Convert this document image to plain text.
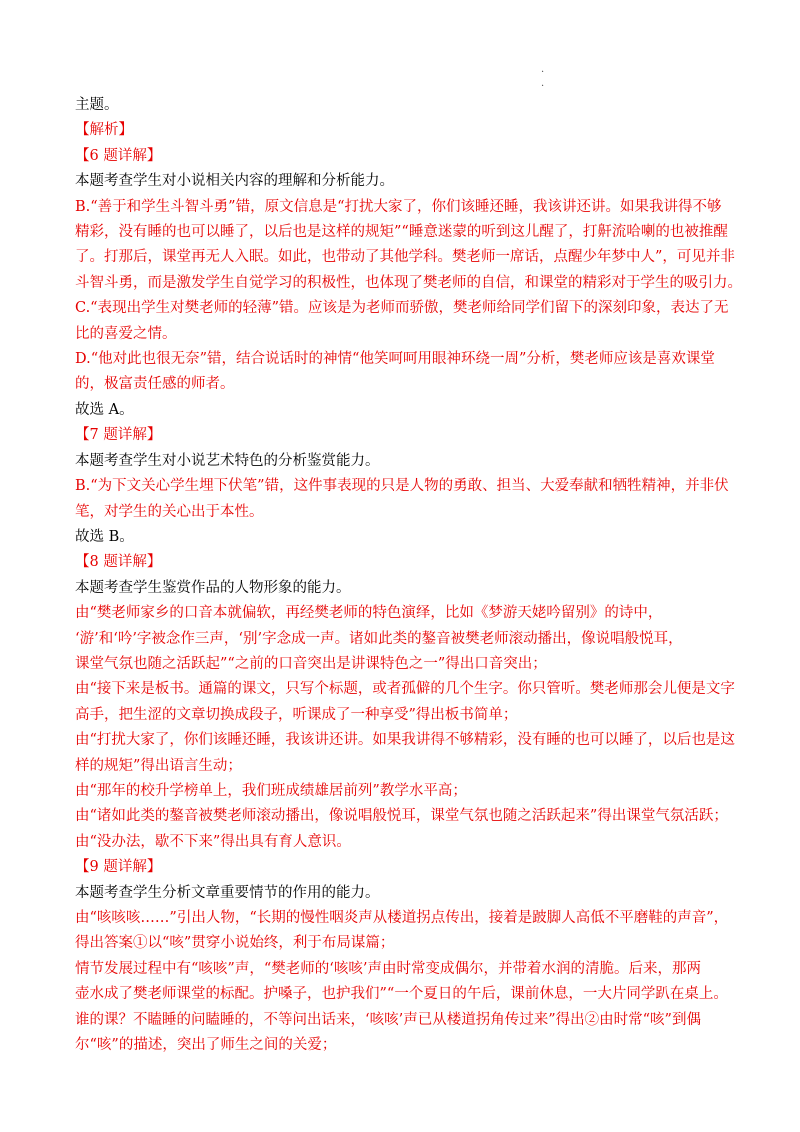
·
·
主题。
【解析】
【6 题详解】
本题考查学生对小说相关内容的理解和分析能力。
B.“善于和学生斗智斗勇”错，原文信息是“打扰大家了，你们该睡还睡，我该讲还讲。如果我讲得不够
精彩，没有睡的也可以睡了，以后也是这样的规矩”“睡意迷蒙的听到这儿醒了，打鼾流哈喇的也被推醒
了。打那后，课堂再无人入眠。如此，也带动了其他学科。樊老师一席话，点醒少年梦中人”，可见并非
斗智斗勇，而是激发学生自觉学习的积极性，也体现了樊老师的自信，和课堂的精彩对于学生的吸引力。
C.“表现出学生对樊老师的轻薄”错。应该是为老师而骄傲，樊老师给同学们留下的深刻印象，表达了无
比的喜爱之情。
D.“他对此也很无奈”错，结合说话时的神情“他笑呵呵用眼神环绕一周”分析，樊老师应该是喜欢课堂
的，极富责任感的师者。
故选 A。
【7 题详解】
本题考查学生对小说艺术特色的分析鉴赏能力。
B.“为下文关心学生埋下伏笔”错，这件事表现的只是人物的勇敢、担当、大爱奉献和牺牲精神，并非伏
笔，对学生的关心出于本性。
故选 B。
【8 题详解】
本题考查学生鉴赏作品的人物形象的能力。
由“樊老师家乡的口音本就偏软，再经樊老师的特色演绎，比如《梦游天姥吟留别》的诗中，
‘游’和‘吟’字被念作三声，‘别’字念成一声。诸如此类的鏊音被樊老师滚动播出，像说唱般悦耳，
课堂气氛也随之活跃起”“之前的口音突出是讲课特色之一”得出口音突出；
由“接下来是板书。通篇的课文，只写个标题，或者孤僻的几个生字。你只管听。樊老师那会儿便是文字
高手，把生涩的文章切换成段子，听课成了一种享受”得出板书简单；
由“打扰大家了，你们该睡还睡，我该讲还讲。如果我讲得不够精彩，没有睡的也可以睡了，以后也是这
样的规矩”得出语言生动；
由“那年的校升学榜单上，我们班成绩雄居前列”教学水平高；
由“诸如此类的鏊音被樊老师滚动播出，像说唱般悦耳，课堂气氛也随之活跃起来”得出课堂气氛活跃；
由“没办法，歇不下来”得出具有育人意识。
【9 题详解】
本题考查学生分析文章重要情节的作用的能力。
由“咳咳咳……”引出人物，“长期的慢性咽炎声从楼道拐点传出，接着是跛脚人高低不平磨鞋的声音”，
得出答案①以“咳”贯穿小说始终，利于布局谋篇；
情节发展过程中有“咳咳”声，“樊老师的‘咳咳’声由时常变成偶尔，并带着水润的清脆。后来，那两
壶水成了樊老师课堂的标配。护嗓子，也护我们”“一个夏日的午后，课前休息，一大片同学趴在桌上。
谁的课？不瞌睡的问瞌睡的，不等问出话来，‘咳咳’声已从楼道拐角传过来”得出②由时常“咳”到偶
尔“咳”的描述，突出了师生之间的关爱；
